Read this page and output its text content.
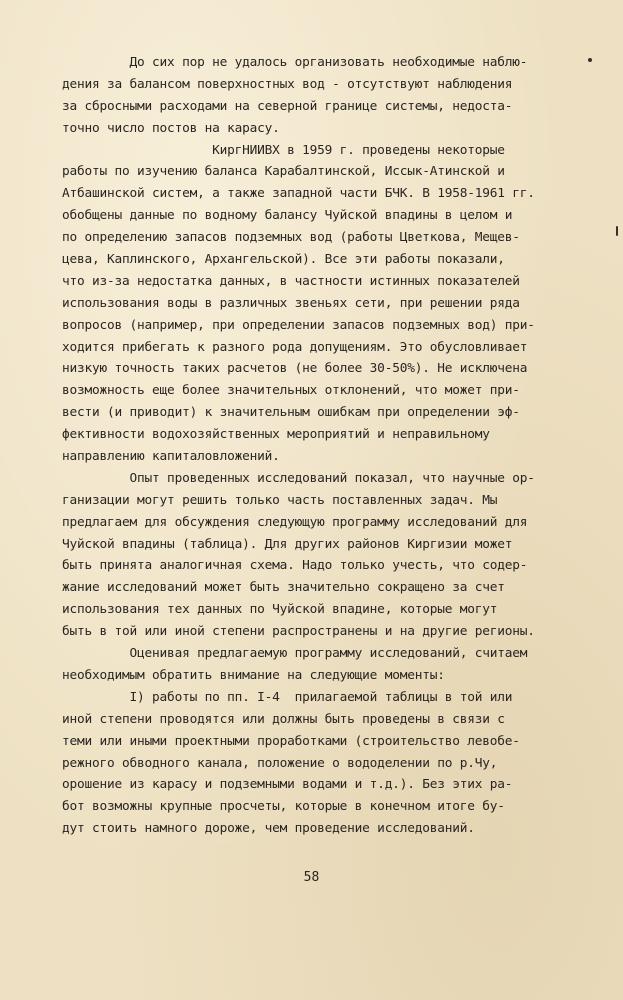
До сих пор не удалось организовать необходимые наблю-
дения за балансом поверхностных вод - отсутствуют наблюдения
за сбросными расходами на северной границе системы, недоста-
точно число постов на карасу.
КиргНИИВХ в 1959 г. проведены некоторые
работы по изучению баланса Карабалтинской, Иссык-Атинской и
Атбашинской систем, а также западной части БЧК. В 1958-1961 гг.
обобщены данные по водному балансу Чуйской впадины в целом и
по определению запасов подземных вод (работы Цветкова, Мещев-
цева, Каплинского, Архангельской). Все эти работы показали,
что из-за недостатка данных, в частности истинных показателей
использования воды в различных звеньях сети, при решении ряда
вопросов (например, при определении запасов подземных вод) при-
ходится прибегать к разного рода допущениям. Это обусловливает
низкую точность таких расчетов (не более 30-50%). Не исключена
возможность еще более значительных отклонений, что может при-
вести (и приводит) к значительным ошибкам при определении эф-
фективности водохозяйственных мероприятий и неправильному
направлению капиталовложений.
Опыт проведенных исследований показал, что научные ор-
ганизации могут решить только часть поставленных задач. Мы
предлагаем для обсуждения следующую программу исследований для
Чуйской впадины (таблица). Для других районов Киргизии может
быть принята аналогичная схема. Надо только учесть, что содер-
жание исследований может быть значительно сокращено за счет
использования тех данных по Чуйской впадине, которые могут
быть в той или иной степени распространены и на другие регионы.
Оценивая предлагаемую программу исследований, считаем
необходимым обратить внимание на следующие моменты:
I) работы по пп. I-4  прилагаемой таблицы в той или
иной степени проводятся или должны быть проведены в связи с
теми или иными проектными проработками (строительство левобе-
режного обводного канала, положение о вододелении по р.Чу,
орошение из карасу и подземными водами и т.д.). Без этих ра-
бот возможны крупные просчеты, которые в конечном итоге бу-
дут стоить намного дороже, чем проведение исследований.
58
